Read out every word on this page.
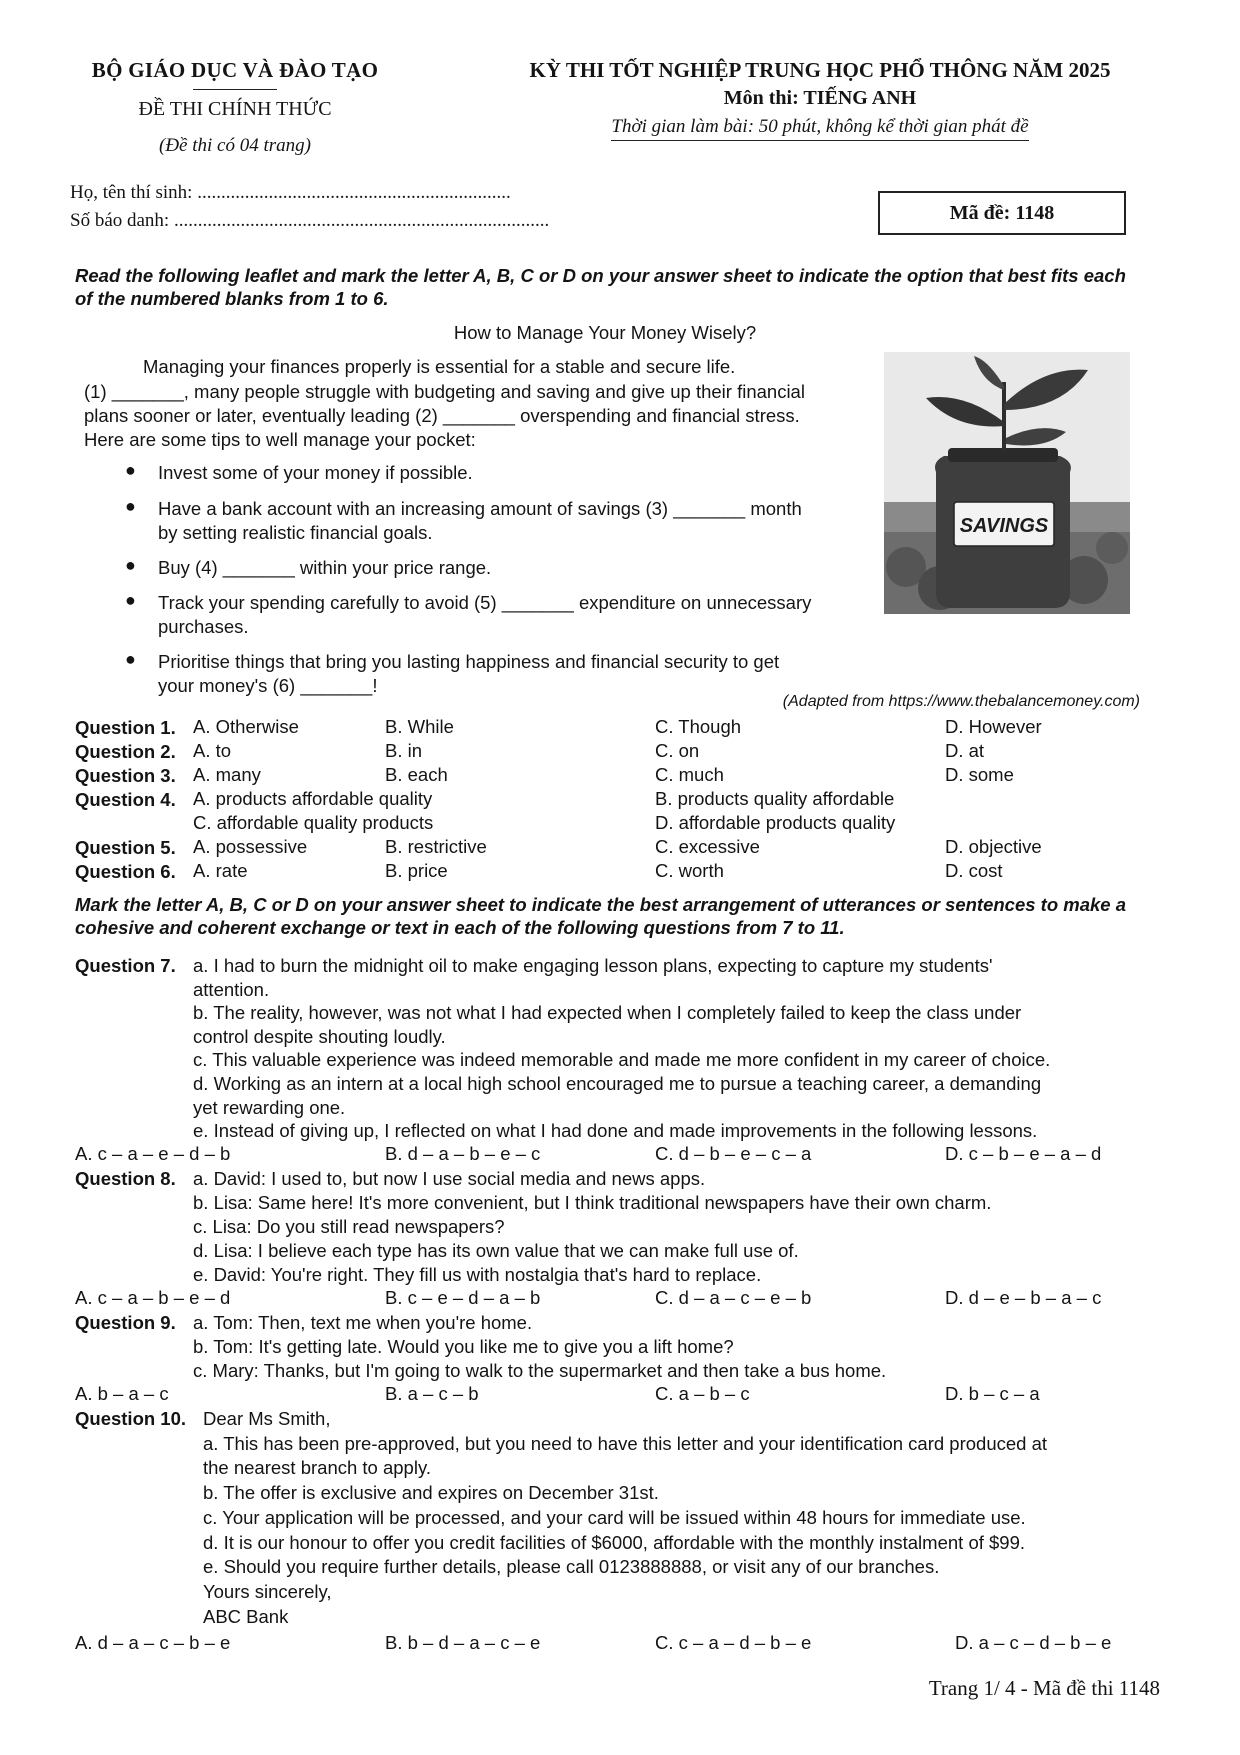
BỘ GIÁO DỤC VÀ ĐÀO TẠO
ĐỀ THI CHÍNH THỨC
(Đề thi có 04 trang)
KỲ THI TỐT NGHIỆP TRUNG HỌC PHỔ THÔNG NĂM 2025
Môn thi: TIẾNG ANH
Thời gian làm bài: 50 phút, không kể thời gian phát đề
Họ, tên thí sinh: ..................................................................
Số báo danh: ...............................................................................	Mã đề: 1148
Read the following leaflet and mark the letter A, B, C or D on your answer sheet to indicate the option that best fits each of the numbered blanks from 1 to 6.
How to Manage Your Money Wisely?
Managing your finances properly is essential for a stable and secure life.
(1) _______, many people struggle with budgeting and saving and give up their financial
plans sooner or later, eventually leading (2) _______ overspending and financial stress.
Here are some tips to well manage your pocket:
● Invest some of your money if possible.
● Have a bank account with an increasing amount of savings (3) _______ month
by setting realistic financial goals.
● Buy (4) _______ within your price range.
● Track your spending carefully to avoid (5) _______ expenditure on unnecessary
purchases.
● Prioritise things that bring you lasting happiness and financial security to get
your money's (6) _______!
SAVINGS
(Adapted from https://www.thebalancemoney.com)
Question 1. A. Otherwise	B. While	C. Though	D. However
Question 2. A. to	B. in	C. on	D. at
Question 3. A. many	B. each	C. much	D. some
Question 4. A. products affordable quality	B. products quality affordable
C. affordable quality products	D. affordable products quality
Question 5. A. possessive	B. restrictive	C. excessive	D. objective
Question 6. A. rate	B. price	C. worth	D. cost
Mark the letter A, B, C or D on your answer sheet to indicate the best arrangement of utterances or sentences to make a cohesive and coherent exchange or text in each of the following questions from 7 to 11.
Question 7. a. I had to burn the midnight oil to make engaging lesson plans, expecting to capture my students'
attention.
b. The reality, however, was not what I had expected when I completely failed to keep the class under
control despite shouting loudly.
c. This valuable experience was indeed memorable and made me more confident in my career of choice.
d. Working as an intern at a local high school encouraged me to pursue a teaching career, a demanding
yet rewarding one.
e. Instead of giving up, I reflected on what I had done and made improvements in the following lessons.
A. c – a – e – d – b	B. d – a – b – e – c	C. d – b – e – c – a	D. c – b – e – a – d
Question 8. a. David: I used to, but now I use social media and news apps.
b. Lisa: Same here! It's more convenient, but I think traditional newspapers have their own charm.
c. Lisa: Do you still read newspapers?
d. Lisa: I believe each type has its own value that we can make full use of.
e. David: You're right. They fill us with nostalgia that's hard to replace.
A. c – a – b – e – d	B. c – e – d – a – b	C. d – a – c – e – b	D. d – e – b – a – c
Question 9. a. Tom: Then, text me when you're home.
b. Tom: It's getting late. Would you like me to give you a lift home?
c. Mary: Thanks, but I'm going to walk to the supermarket and then take a bus home.
A. b – a – c	B. a – c – b	C. a – b – c	D. b – c – a
Question 10. Dear Ms Smith,
a. This has been pre-approved, but you need to have this letter and your identification card produced at
the nearest branch to apply.
b. The offer is exclusive and expires on December 31st.
c. Your application will be processed, and your card will be issued within 48 hours for immediate use.
d. It is our honour to offer you credit facilities of $6000, affordable with the monthly instalment of $99.
e. Should you require further details, please call 0123888888, or visit any of our branches.
Yours sincerely,
ABC Bank
A. d – a – c – b – e	B. b – d – a – c – e	C. c – a – d – b – e	D. a – c – d – b – e
Trang 1/ 4 - Mã đề thi 1148
